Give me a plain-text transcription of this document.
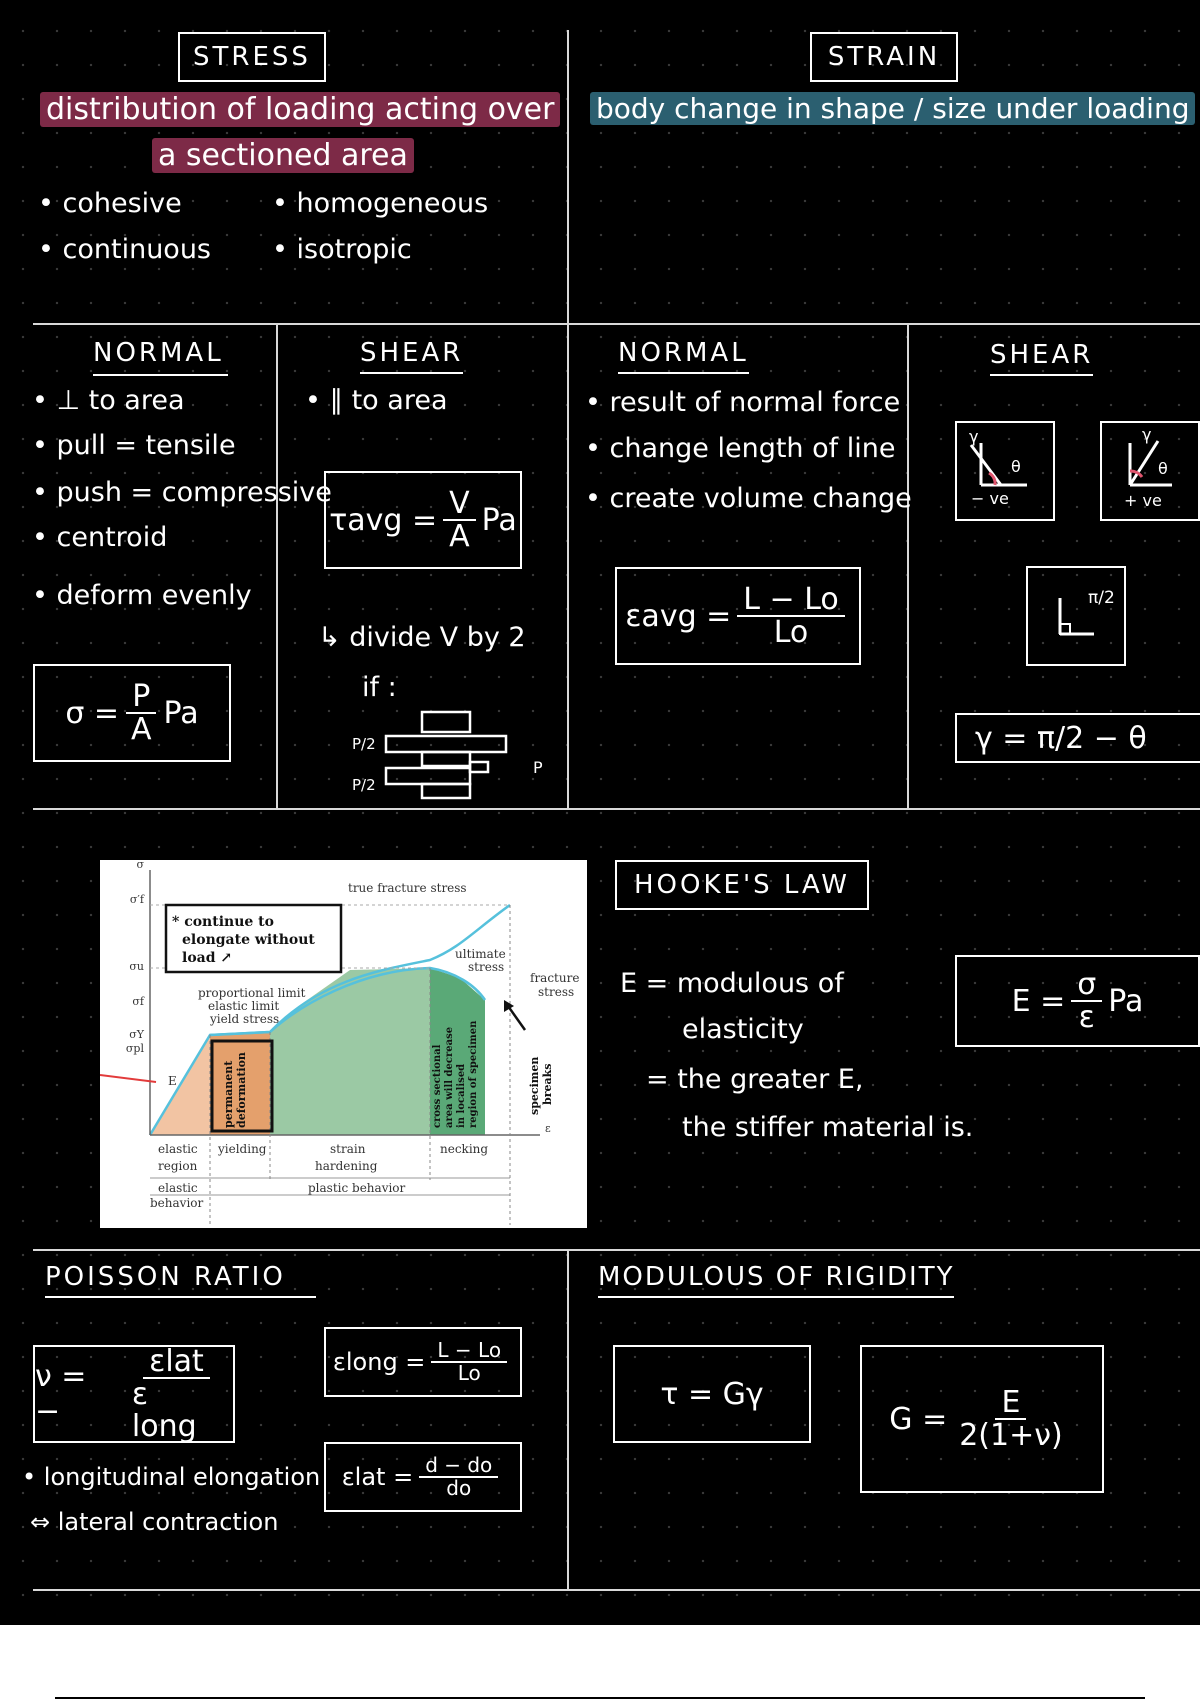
STRESS
distribution of loading acting over
a sectioned area
• cohesive
• continuous
• homogeneous
• isotropic
STRAIN
body change in shape / size under loading
NORMAL
• ⊥ to area
• pull = tensile
• push = compressive
• centroid
• deform evenly
$\sigma = \frac{P}{A}$ Pa
SHEAR
• ∥ to area
$\tau avg = \frac{V}{A}$ Pa
↳ divide V by 2
if :
P/2
P/2
P
NORMAL
• result of normal force
• change length of line
• create volume change
$\varepsilon avg = \frac{L - Lo}{Lo}$
SHEAR
γ
θ
− ve
γ
θ
+ ve
π/2
γ = π/2 − θ
σ
ε
σ′f
σu
σf
σY
σpl
E
* continue to
elongate without
load ↗
true fracture stress
ultimate
stress
fracture
stress
proportional limit
elastic limit
yield stress
permanent deformation	cross sectional area will decrease in localised region of specimen	specimen breaks
elastic
region
yielding	strain
hardening
necking
elastic
behavior
plastic behavior
HOOKE'S LAW
E = modulous of
elasticity
= the greater E,
the stiffer material is.
$E = \frac{\sigma}{\varepsilon}$ Pa
POISSON RATIO
ν = −	$\frac{\text{εlat}}{\text{ε long}}$	εlong = $\frac{L - Lo}{Lo}$
$\varepsilon lat = \frac{d - do}{do}$
• longitudinal elongation
⇔ lateral contraction
MODULOUS OF RIGIDITY
τ = Gγ
$G = \frac{E}{2(1+\nu)}$
